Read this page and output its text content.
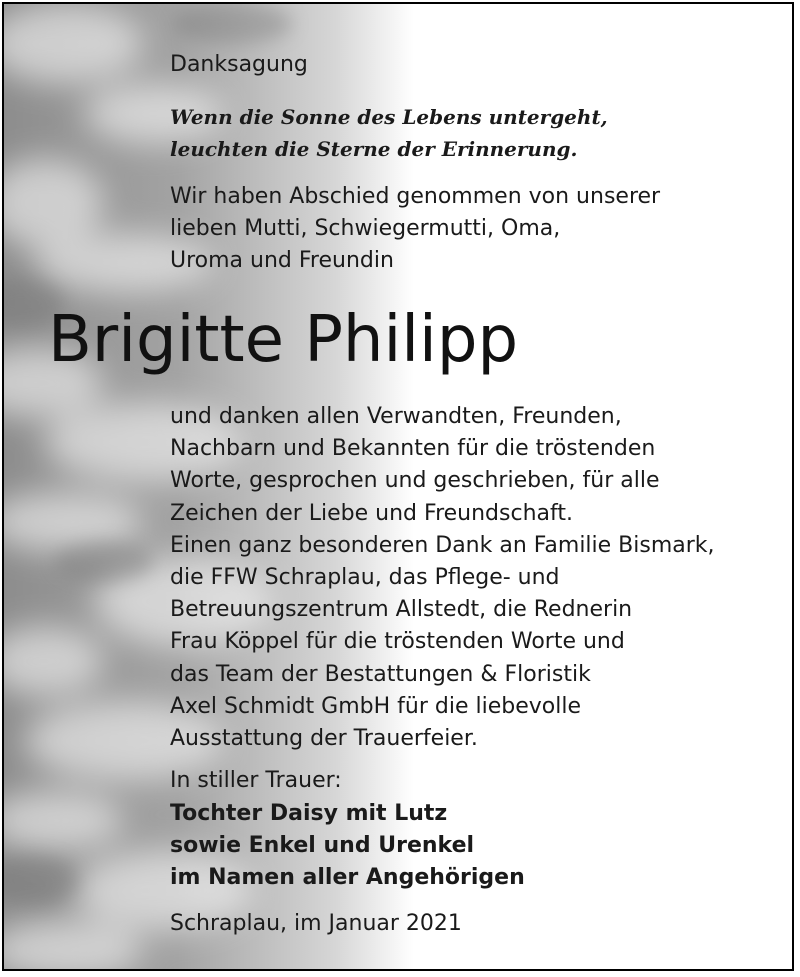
Danksagung
Wenn die Sonne des Lebens untergeht,
leuchten die Sterne der Erinnerung.
Wir haben Abschied genommen von unserer
lieben Mutti, Schwiegermutti, Oma,
Uroma und Freundin
Brigitte Philipp
und danken allen Verwandten, Freunden,
Nachbarn und Bekannten für die tröstenden
Worte, gesprochen und geschrieben, für alle
Zeichen der Liebe und Freundschaft.
Einen ganz besonderen Dank an Familie Bismark,
die FFW Schraplau, das Pflege- und
Betreuungszentrum Allstedt, die Rednerin
Frau Köppel für die tröstenden Worte und
das Team der Bestattungen & Floristik
Axel Schmidt GmbH für die liebevolle
Ausstattung der Trauerfeier.
In stiller Trauer:
Tochter Daisy mit Lutz
sowie Enkel und Urenkel
im Namen aller Angehörigen
Schraplau, im Januar 2021
